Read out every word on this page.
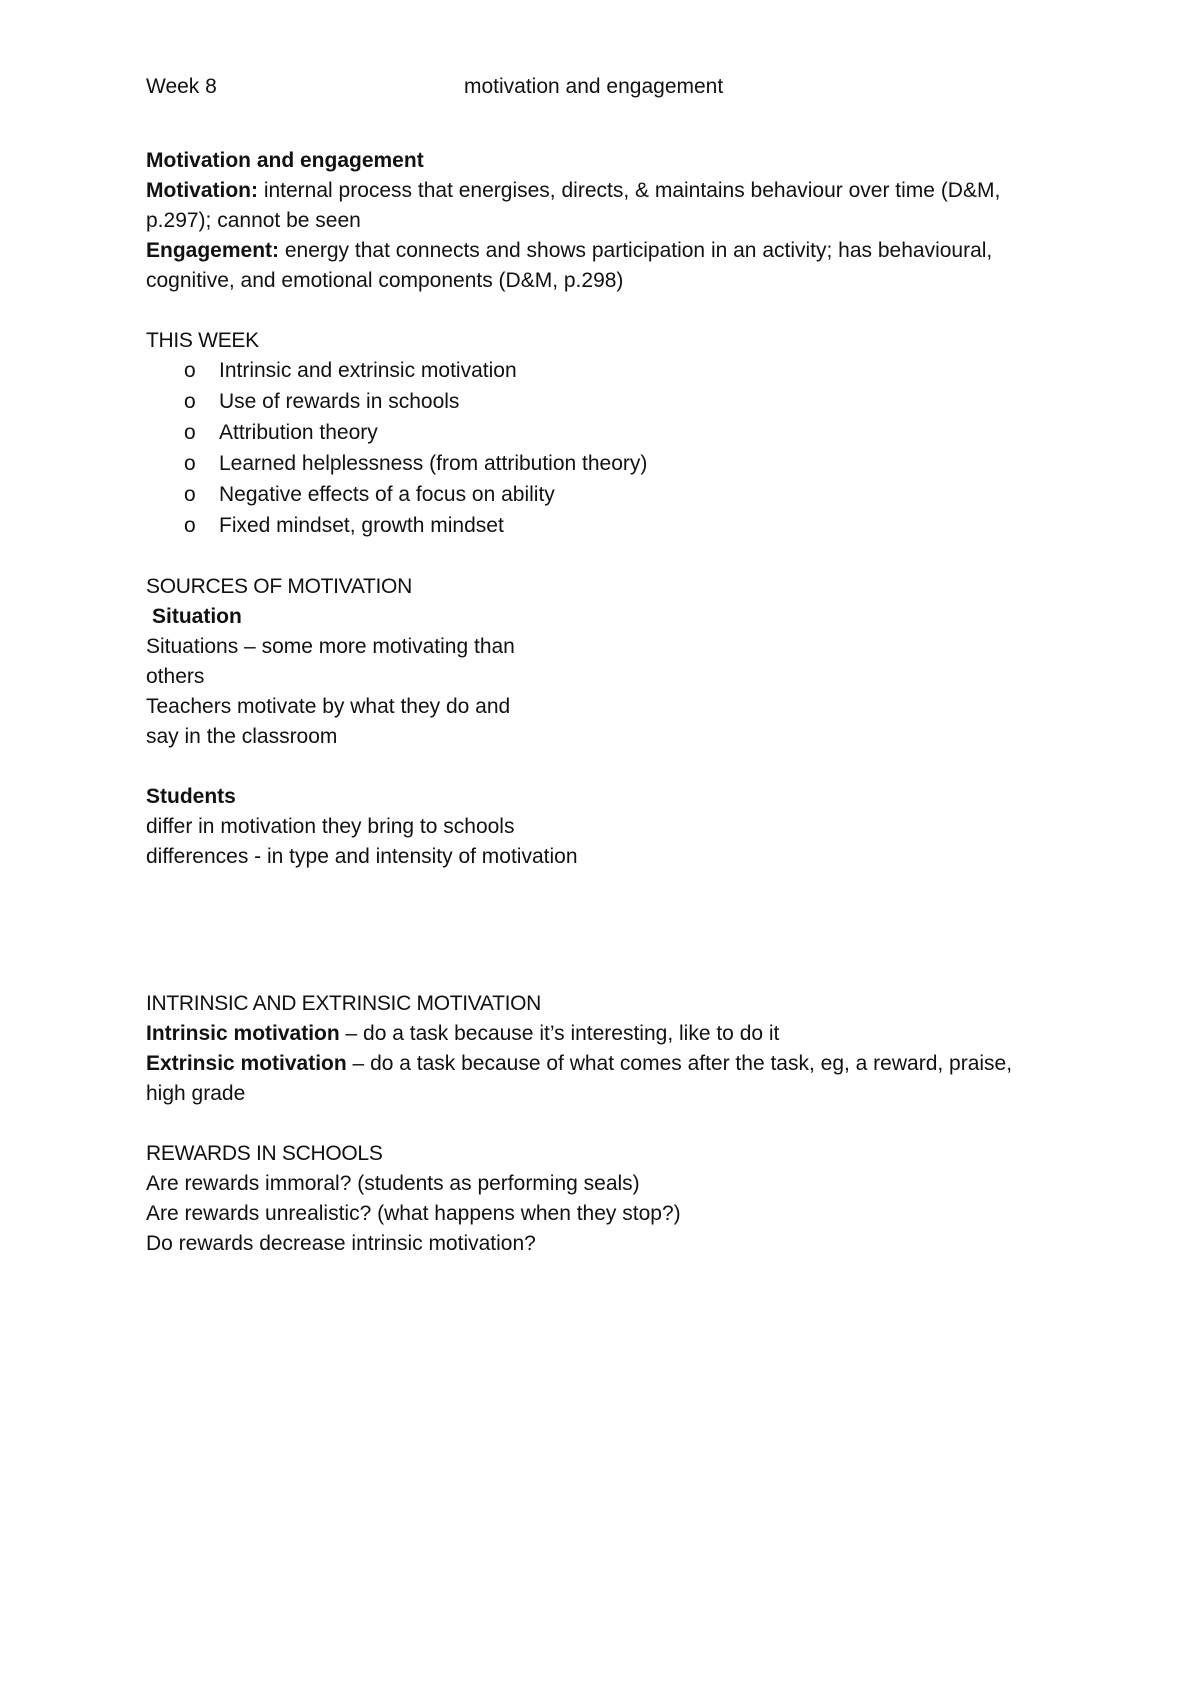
Week 8	motivation and engagement
Motivation and engagement
Motivation: internal process that energises, directs, & maintains behaviour over time (D&M,
p.297); cannot be seen
Engagement: energy that connects and shows participation in an activity; has behavioural,
cognitive, and emotional components (D&M, p.298)
THIS WEEK
o Intrinsic and extrinsic motivation
o Use of rewards in schools
o Attribution theory
o Learned helplessness (from attribution theory)
o Negative effects of a focus on ability
o Fixed mindset, growth mindset
SOURCES OF MOTIVATION
Situation
Situations – some more motivating than
others
Teachers motivate by what they do and
say in the classroom
Students
differ in motivation they bring to schools
differences - in type and intensity of motivation
INTRINSIC AND EXTRINSIC MOTIVATION
Intrinsic motivation – do a task because it’s interesting, like to do it
Extrinsic motivation – do a task because of what comes after the task, eg, a reward, praise,
high grade
REWARDS IN SCHOOLS
Are rewards immoral? (students as performing seals)
Are rewards unrealistic? (what happens when they stop?)
Do rewards decrease intrinsic motivation?
